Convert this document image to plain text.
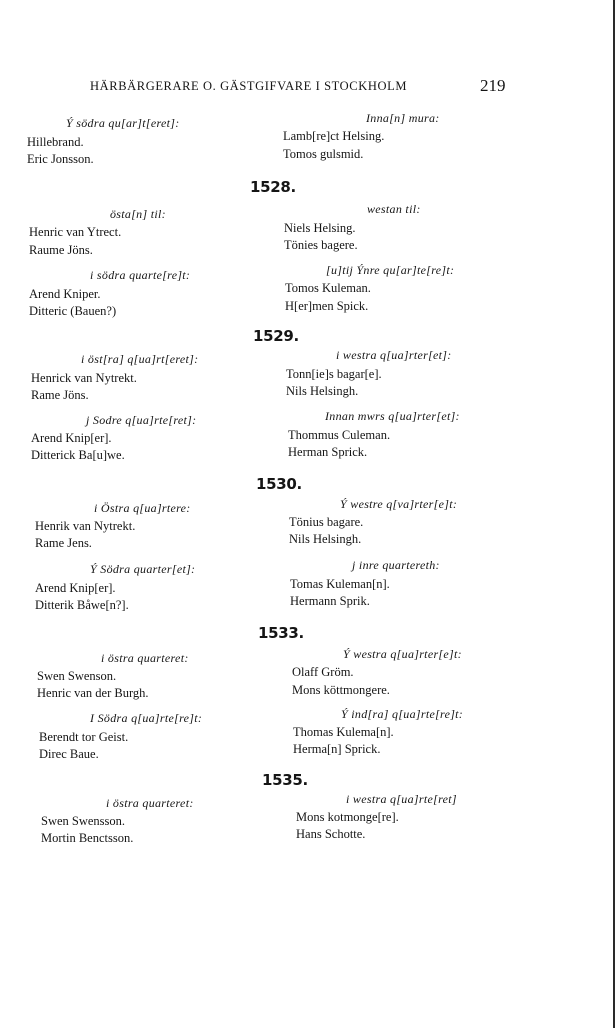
HÄRBÄRGERARE O. GÄSTGIFVARE I STOCKHOLM	219
Ý södra qu[ar]t[eret]:
Hillebrand.
Eric Jonsson.
östa[n] til:
Henric van Ytrect.
Raume Jöns.
i södra quarte[re]t:
Arend Kniper.
Ditteric (Bauen?)
i öst[ra] q[ua]rt[eret]:
Henrick van Nytrekt.
Rame Jöns.
j Sodre q[ua]rte[ret]:
Arend Knip[er].
Ditterick Ba[u]we.
i Östra q[ua]rtere:
Henrik van Nytrekt.
Rame Jens.
Ý Södra quarter[et]:
Arend Knip[er].
Ditterik Båwe[n?].
i östra quarteret:
Swen Swenson.
Henric van der Burgh.
I Södra q[ua]rte[re]t:
Berendt tor Geist.
Direc Baue.
i östra quarteret:
Swen Swensson.
Mortin Benctsson.
Inna[n] mura:
Lamb[re]ct Helsing.
Tomos gulsmid.
1528.
westan til:
Niels Helsing.
Tönies bagere.
[u]tij Ýnre qu[ar]te[re]t:
Tomos Kuleman.
H[er]men Spick.
1529.
i westra q[ua]rter[et]:
Tonn[ie]s bagar[e].
Nils Helsingh.
Innan mwrs q[ua]rter[et]:
Thommus Culeman.
Herman Sprick.
1530.
Ý westre q[va]rter[e]t:
Tönius bagare.
Nils Helsingh.
j inre quartereth:
Tomas Kuleman[n].
Hermann Sprik.
1533.
Ý westra q[ua]rter[e]t:
Olaff Gröm.
Mons köttmongere.
Ý ind[ra] q[ua]rte[re]t:
Thomas Kulema[n].
Herma[n] Sprick.
1535.
i westra q[ua]rte[ret]
Mons kotmonge[re].
Hans Schotte.
